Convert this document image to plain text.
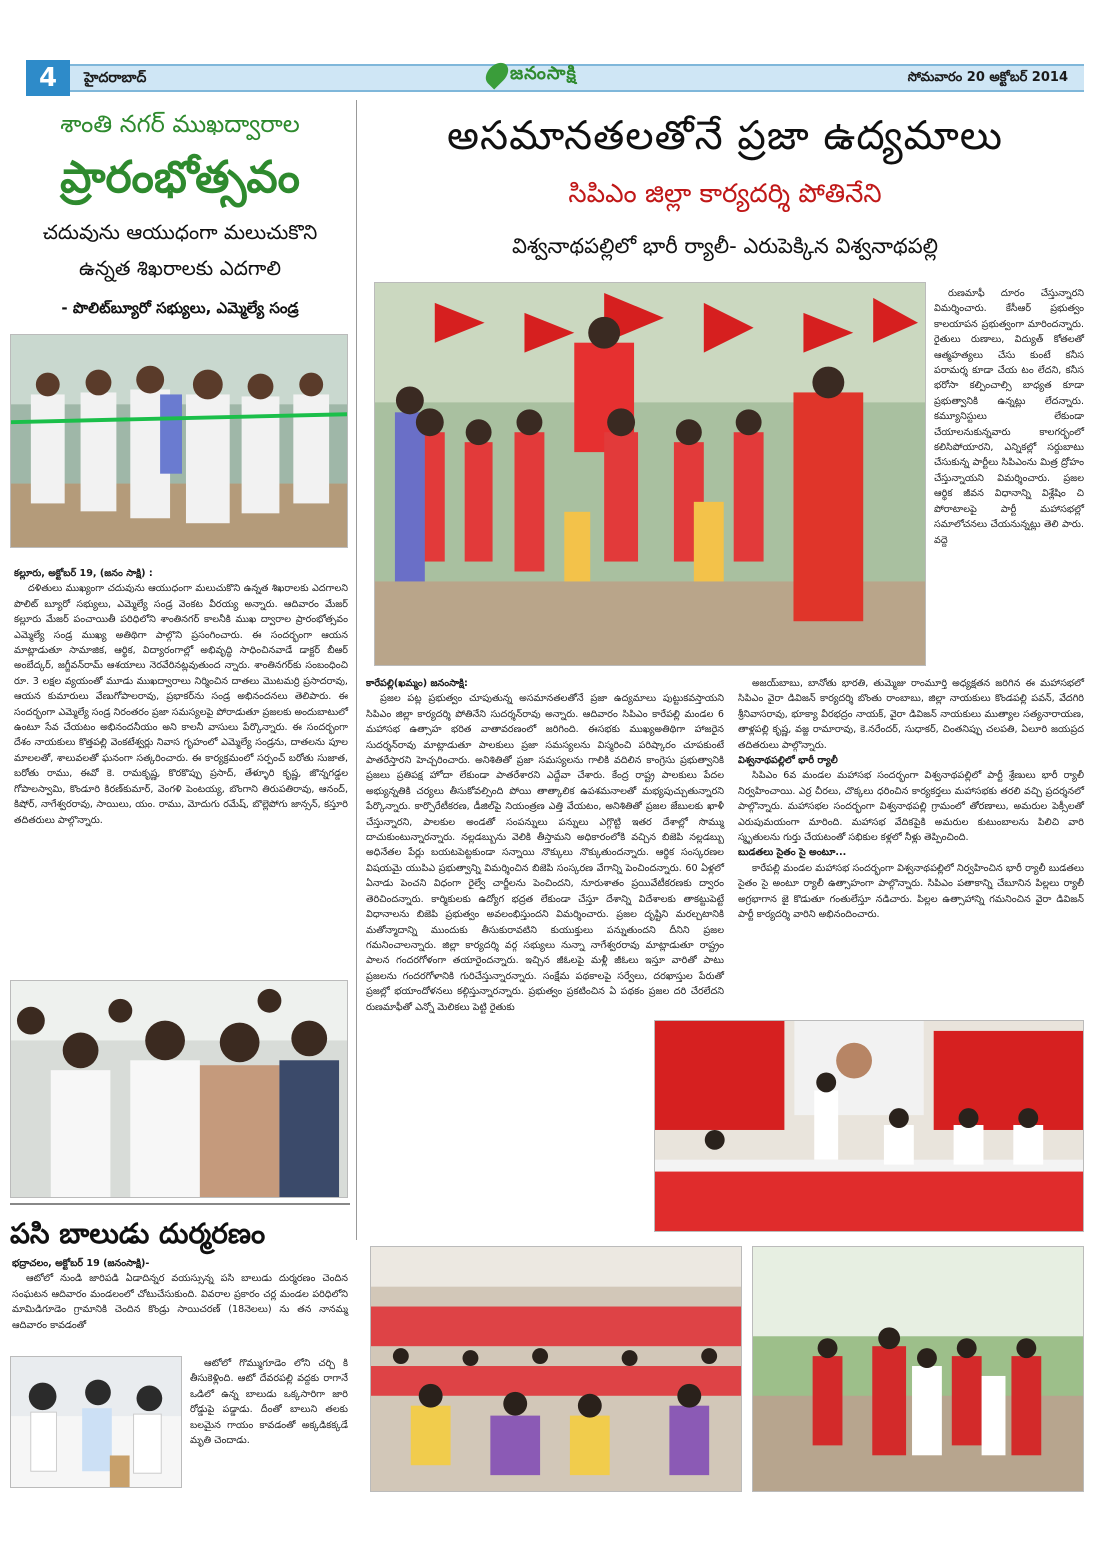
4	హైదరాబాద్	జనంసాక్షి	సోమవారం 20 అక్టోబర్ 2014
శాంతి నగర్ ముఖద్వారాల
ప్రారంభోత్సవం
చదువును ఆయుధంగా మలుచుకొని
ఉన్నత శిఖరాలకు ఎదగాలి
- పొలిట్‌బ్యూరో సభ్యులు, ఎమ్మెల్యే సండ్ర
కల్లూరు, అక్టోబర్ 19, (జనం సాక్షి) :

దళితులు ముఖ్యంగా చదువును ఆయుధంగా మలుచుకొని ఉన్నత శిఖరాలకు ఎదగాలని పొలిట్ బ్యూరో సభ్యులు, ఎమ్మెల్యే సండ్ర వెంకట వీరయ్య అన్నారు. ఆదివారం మేజర్ కల్లూరు మేజర్ పంచాయితీ పరిధిలోని శాంతినగర్ కాలనీకి ముఖ ద్వారాల ప్రారంభోత్సవం ఎమ్మెల్యే సండ్ర ముఖ్య అతిథిగా పాల్గొని ప్రసంగించారు. ఈ సందర్భంగా ఆయన మాట్లాడుతూ సామాజిక, ఆర్థిక, విద్యారంగాల్లో అభివృద్ధి సాధించినవాడే డాక్టర్ బీఆర్ అంబేద్కర్, జగ్జీవన్‌రామ్ ఆశయాలు నెరవేరినట్లవుతుంద న్నారు. శాంతినగర్‌కు సంబంధించి రూ. 3 లక్షల వ్యయంతో మూడు ముఖద్వారాలు నిర్మించిన దాతలు మొటమర్రి ప్రసాదరావు, ఆయన కుమారులు వేణుగోపాలరావు, ప్రభాకర్‌ను సండ్ర అభినందనలు తెలిపారు. ఈ సందర్భంగా ఎమ్మెల్యే సండ్ర నిరంతరం ప్రజా సమస్యలపై పోరాడుతూ ప్రజలకు అందుబాటులో ఉంటూ సేవ చేయటం అభినందనీయం అని కాలనీ వాసులు పేర్కొన్నారు. ఈ సందర్భంగా దేశం నాయకులు కొత్తపల్లి వెంకటేశ్వర్లు నివాస గృహంలో ఎమ్మెల్యే సండ్రను, దాతలను పూల మాలలతో, శాలువలతో ఘనంగా సత్కరించారు. ఈ కార్యక్రమంలో సర్పంచ్ బరోతు సుజాత, బరోతు రాము, ఈవో కె. రామకృష్ణ, కొరకొప్పు ప్రసాద్, తేళ్ళూరి కృష్ణ, జొన్నగడ్డల గోపాలస్వామి, కొండూరి కిరణ్‌కుమార్, వెంగళి పెంటయ్య, బొంగాని తిరుపతిరావు, ఆనంద్, కిషోర్, నాగేశ్వరరావు, సాయిలు, యం. రాము, మోదుగు రమేష్, బొల్లెపోగు జాన్సన్, కస్తూరి తదితరులు పాల్గొన్నారు.

పసి బాలుడు దుర్మరణం
భద్రాచలం, అక్టోబర్ 19 (జనంసాక్షి)-

ఆటోలో నుండి జారిపడి ఏడాదిన్నర వయస్సున్న పసి బాలుడు దుర్మరణం చెందిన సంఘటన ఆదివారం మండలంలో చోటుచేసుకుంది. వివరాల ప్రకారం చర్ల మండల పరిధిలోని మామిడిగూడెం గ్రామానికి చెందిన కొండ్రు సాయిచరణ్ (18నెలలు) ను తన నానమ్మ ఆదివారం కావడంతో

ఆటోలో గొమ్ముగూడెం లోని చర్చి కి తీసుకెళ్లింది. ఆటో దేవరపల్లి వద్దకు రాగానే ఒడిలో ఉన్న బాలుడు ఒక్కసారిగా జారి రోడ్డుపై పడ్డాడు. దీంతో బాలుని తలకు బలమైన గాయం కావడంతో అక్కడికక్కడే మృతి చెందాడు.

అసమానతలతోనే ప్రజా ఉద్యమాలు
సిపిఎం జిల్లా కార్యదర్శి పోతినేని
విశ్వనాథపల్లిలో భారీ ర్యాలీ- ఎరుపెక్కిన విశ్వనాథపల్లి

రుణమాఫీ దూరం చేస్తున్నారని విమర్శించారు. కేసీఆర్ ప్రభుత్వం కాలయాపన ప్రభుత్వంగా మారిందన్నారు. రైతులు రుణాలు, విద్యుత్ కోతలతో ఆత్మహత్యలు చేసు కుంటే కనీస పరామర్శ కూడా చేయ టం లేదని, కనీస భరోసా కల్పించాల్సి బాధ్యత కూడా ప్రభుత్వానికి ఉన్నట్లు లేదన్నారు. కమ్యూనిస్టులు లేకుండా చేయాలనుకున్నవారు కాలగర్భంలో కలిసిపోయారని, ఎన్నికల్లో సర్దుబాటు చేసుకున్న పార్టీలు సిపిఎంను మిత్ర ద్రోహం చేస్తున్నాయని విమర్శించారు. ప్రజల ఆర్థిక జీవన విధానాన్ని విశ్లేషిం చి పోరాటాలపై పార్టీ మహాసభల్లో సమాలోచనలు చేయనున్నట్లు తెలి పారు. వద్దె

కారేపల్లి(ఖమ్మం) జనంసాక్షి:

ప్రజల పట్ల ప్రభుత్వం చూపుతున్న అసమానతలతోనే ప్రజా ఉద్యమాలు పుట్టుకవస్తాయని సిపిఎం జిల్లా కార్యదర్శి పోతినేని సుదర్శన్‌రావు అన్నారు. ఆదివారం సిపిఎం కారేపల్లి మండల 6 మహాసభ ఉత్సాహ భరిత వాతావరణంలో జరిగింది. ఈసభకు ముఖ్యఅతిథిగా హాజరైన సుదర్శన్‌రావు మాట్లాడుతూ పాలకులు ప్రజా సమస్యలను విస్మరించి పరిష్కారం చూపకుంటే పాతరేస్తారని హెచ్చరించారు. అనిశితితో ప్రజా సమస్యలను గాలికి వదిలిన కాంగ్రెసు ప్రభుత్వానికి ప్రజలు ప్రతిపక్ష హోదా లేకుండా పాతరేశారని ఎద్దేవా చేశారు. కేంద్ర రాష్ట్ర పాలకులు పేదల అభ్యున్నతికి చర్యలు తీసుకోవల్సింది పోయి తాత్కాలిక ఉపశమనాలతో మభ్యపుచ్చుతున్నారని పేర్కొన్నారు. కార్పొరేటీకరణ, డీజిల్‌పై నియంత్రణ ఎత్తి వేయటం, అనిశితితో ప్రజల జేబులకు ఖాళీ చేస్తున్నారని, పాలకుల అండతో సంపన్నులు పన్నులు ఎగ్గొట్టి ఇతర దేశాల్లో సొమ్ము దాచుకుంటున్నారన్నారు. నల్లడబ్బును వెలికి తీస్తామని అధికారంలోకి వచ్చిన బిజెపి నల్లడబ్బు అధినేతల పేర్లు బయటపెట్టకుండా సన్నాయి నొక్కులు నొక్కుతుందన్నారు. ఆర్థిక సంస్కరణల విషయమై యుపిఎ ప్రభుత్వాన్ని విమర్శించిన బిజెపి సంస్కరణ వేగాన్ని పెంచిందన్నారు. 60 ఏళ్లలో ఏనాడు పెంచని విధంగా రైల్వే చార్జీలను పెంచిందని, నూరుశాతం ప్రయివేటీకరణకు ద్వారం తెరిచిందన్నారు. కార్మికులకు ఉద్యోగ భద్రత లేకుండా చేస్తూ దేశాన్ని విదేశాలకు తాకట్టుపెట్టే విధానాలను బిజెపి ప్రభుత్వం అవలంభిస్తుందని విమర్శించారు. ప్రజల దృష్టిని మరల్చటానికి మతోన్మాదాన్ని ముందుకు తీసుకురావటిని కుయుక్తులు పన్నుతుందని దీనిని ప్రజల గమనించాలన్నారు. జిల్లా కార్యదర్శి వర్గ సభ్యులు నున్నా నాగేశ్వరరావు మాట్లాడుతూ రాష్ట్రం పాలన గందరగోళంగా తయారైందన్నారు. ఇచ్చిన జీఓలపై మళ్లీ జీఓలు ఇస్తూ వారితో పాటు ప్రజలను గందరగోళానికి గురిచేస్తున్నారన్నారు. సంక్షేమ పథకాలపై సర్వేలు, దరఖాస్తుల పేరుతో ప్రజల్లో భయాందోళనలు కల్గిస్తున్నారన్నారు. ప్రభుత్వం ప్రకటించిన ఏ పథకం ప్రజల దరి చేరలేదని రుణమాఫీతో ఎన్నో మెలికలు పెట్టి రైతుకు

అజయ్‌బాబు, బానోతు భారతి, తుమ్మెజు రాంమూర్తి అధ్యక్షతన జరిగిన ఈ మహాసభలో సిపిఎం వైరా డివిజన్ కార్యదర్శి బొంతు రాంబాబు, జిల్లా నాయకులు కొండపల్లి పవన్, వేదగిరి శ్రీనివాసరావు, భూక్యా వీరభద్రం నాయక్, వైరా డివిజన్ నాయకులు ముత్యాల సత్యనారాయణ, తాళ్లపల్లి కృష్ణ, వజ్జ రామారావు, కె.నరేందర్, సుధాకర్, చింతనిప్పు చలపతి, ఏలూరి జయప్రద తదితరులు పాల్గొన్నారు.

విశ్వనాథపల్లిలో భారీ ర్యాలీ

సిపిఎం 6వ మండల మహాసభ సందర్భంగా విశ్వనాథపల్లిలో పార్టీ శ్రేణులు భారీ ర్యాలీ నిర్వహించాయి. ఎర్ర చీరలు, చొక్కలు ధరించిన కార్యకర్తలు మహాసభకు తరలి వచ్చి ప్రదర్శనలో పాల్గొన్నారు. మహాసభల సందర్భంగా విశ్వనాథపల్లి గ్రామంలో తోరణాలు, అమరుల పెక్సీలతో ఎరుపుమయంగా మారింది. మహాసభ వేదికపైకి అమరుల కుటుంబాలను పిలిచి వారి స్మృతులను గుర్తు చేయటంతో సభికుల కళ్లలో నీళ్లు తెప్పించింది.

బుడతలు సైతం సై అంటూ...

కారేపల్లి మండల మహాసభ సందర్భంగా విశ్వనాథపల్లిలో నిర్వహించిన భారీ ర్యాలీ బుడతలు సైతం సై అంటూ ర్యాలీ ఉత్సాహంగా పాల్గొన్నారు. సిపిఎం పతాకాన్ని చేబూనిన పిల్లలు ర్యాలీ అగ్రభాగాన జై కొడుతూ గంతులేస్తూ నడిచారు. పిల్లల ఉత్సాహాన్ని గమనించిన వైరా డివిజన్ పార్టీ కార్యదర్శి వారిని అభినందించారు.
